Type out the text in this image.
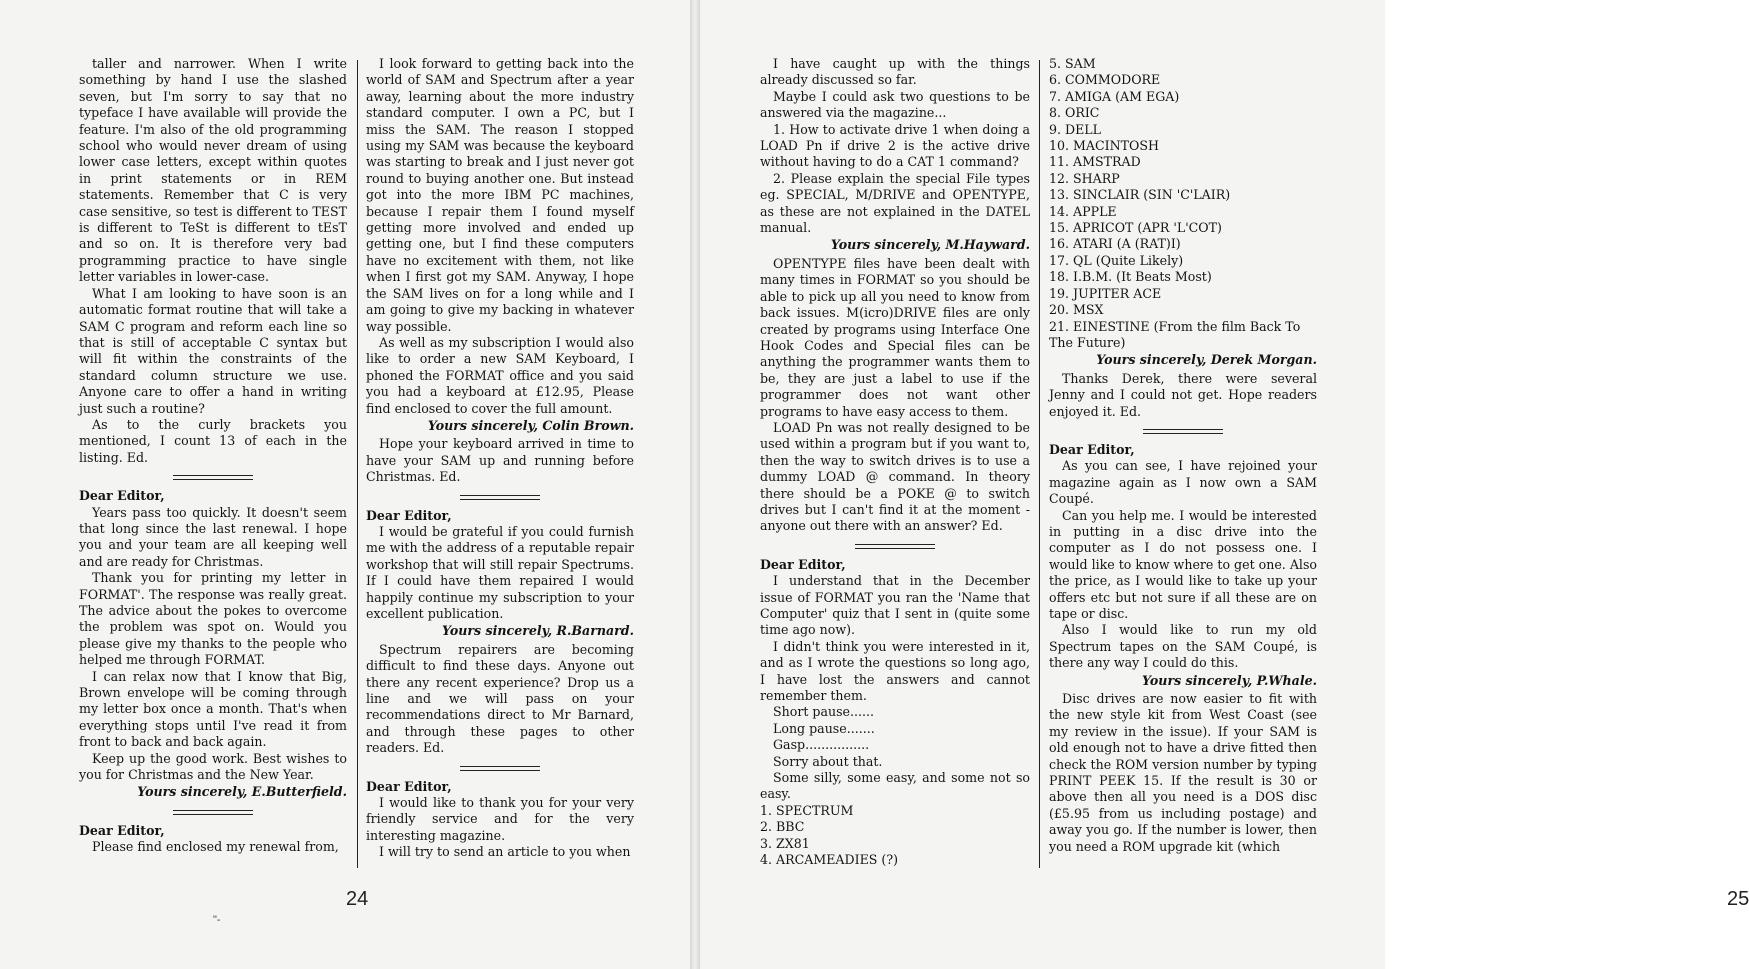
taller and narrower. When I write something by hand I use the slashed seven, but I'm sorry to say that no typeface I have available will provide the feature. I'm also of the old programming school who would never dream of using lower case letters, except within quotes in print statements or in REM statements. Remember that C is very case sensitive, so test is different to TEST is different to TeSt is different to tEsT and so on. It is therefore very bad programming practice to have single letter variables in lower-case.

What I am looking to have soon is an automatic format routine that will take a SAM C program and reform each line so that is still of acceptable C syntax but will fit within the constraints of the standard column structure we use. Anyone care to offer a hand in writing just such a routine?

As to the curly brackets you mentioned, I count 13 of each in the listing. Ed.

Dear Editor,

Years pass too quickly. It doesn't seem that long since the last renewal. I hope you and your team are all keeping well and are ready for Christmas.

Thank you for printing my letter in FORMAT'. The response was really great. The advice about the pokes to overcome the problem was spot on. Would you please give my thanks to the people who helped me through FORMAT.

I can relax now that I know that Big, Brown envelope will be coming through my letter box once a month. That's when everything stops until I've read it from front to back and back again.

Keep up the good work. Best wishes to you for Christmas and the New Year.

Yours sincerely, E.Butterfield.

Dear Editor,

Please find enclosed my renewal from,

I look forward to getting back into the world of SAM and Spectrum after a year away, learning about the more industry standard computer. I own a PC, but I miss the SAM. The reason I stopped using my SAM was because the keyboard was starting to break and I just never got round to buying another one. But instead got into the more IBM PC machines, because I repair them I found myself getting more involved and ended up getting one, but I find these computers have no excitement with them, not like when I first got my SAM. Anyway, I hope the SAM lives on for a long while and I am going to give my backing in whatever way possible.

As well as my subscription I would also like to order a new SAM Keyboard, I phoned the FORMAT office and you said you had a keyboard at £12.95, Please find enclosed to cover the full amount.

Yours sincerely, Colin Brown.

Hope your keyboard arrived in time to have your SAM up and running before Christmas. Ed.

Dear Editor,

I would be grateful if you could furnish me with the address of a reputable repair workshop that will still repair Spectrums. If I could have them repaired I would happily continue my subscription to your excellent publication.

Yours sincerely, R.Barnard.

Spectrum repairers are becoming difficult to find these days. Anyone out there any recent experience? Drop us a line and we will pass on your recommendations direct to Mr Barnard, and through these pages to other readers. Ed.

Dear Editor,

I would like to thank you for your very friendly service and for the very interesting magazine.

I will try to send an article to you when

24
"-

I have caught up with the things already discussed so far.

Maybe I could ask two questions to be answered via the magazine...

1. How to activate drive 1 when doing a LOAD Pn if drive 2 is the active drive without having to do a CAT 1 command?

2. Please explain the special File types eg. SPECIAL, M/DRIVE and OPENTYPE, as these are not explained in the DATEL manual.

Yours sincerely, M.Hayward.

OPENTYPE files have been dealt with many times in FORMAT so you should be able to pick up all you need to know from back issues. M(icro)DRIVE files are only created by programs using Interface One Hook Codes and Special files can be anything the programmer wants them to be, they are just a label to use if the programmer does not want other programs to have easy access to them.

LOAD Pn was not really designed to be used within a program but if you want to, then the way to switch drives is to use a dummy LOAD @ command. In theory there should be a POKE @ to switch drives but I can't find it at the moment - anyone out there with an answer? Ed.

Dear Editor,

I understand that in the December issue of FORMAT you ran the 'Name that Computer' quiz that I sent in (quite some time ago now).

I didn't think you were interested in it, and as I wrote the questions so long ago, I have lost the answers and cannot remember them.

Short pause......

Long pause.......

Gasp................

Sorry about that.

Some silly, some easy, and some not so easy.

1. SPECTRUM

2. BBC

3. ZX81

4. ARCAMEADIES (?)

5. SAM

6. COMMODORE

7. AMIGA (AM EGA)

8. ORIC

9. DELL

10. MACINTOSH

11. AMSTRAD

12. SHARP

13. SINCLAIR (SIN 'C'LAIR)

14. APPLE

15. APRICOT (APR 'L'COT)

16. ATARI (A (RAT)I)

17. QL (Quite Likely)

18. I.B.M. (It Beats Most)

19. JUPITER ACE

20. MSX

21. EINESTINE (From the film Back To The Future)

Yours sincerely, Derek Morgan.

Thanks Derek, there were several Jenny and I could not get. Hope readers enjoyed it. Ed.

Dear Editor,

As you can see, I have rejoined your magazine again as I now own a SAM Coupé.

Can you help me. I would be interested in putting in a disc drive into the computer as I do not possess one. I would like to know where to get one. Also the price, as I would like to take up your offers etc but not sure if all these are on tape or disc.

Also I would like to run my old Spectrum tapes on the SAM Coupé, is there any way I could do this.

Yours sincerely, P.Whale.

Disc drives are now easier to fit with the new style kit from West Coast (see my review in the issue). If your SAM is old enough not to have a drive fitted then check the ROM version number by typing PRINT PEEK 15. If the result is 30 or above then all you need is a DOS disc (£5.95 from us including postage) and away you go. If the number is lower, then you need a ROM upgrade kit (which

25
